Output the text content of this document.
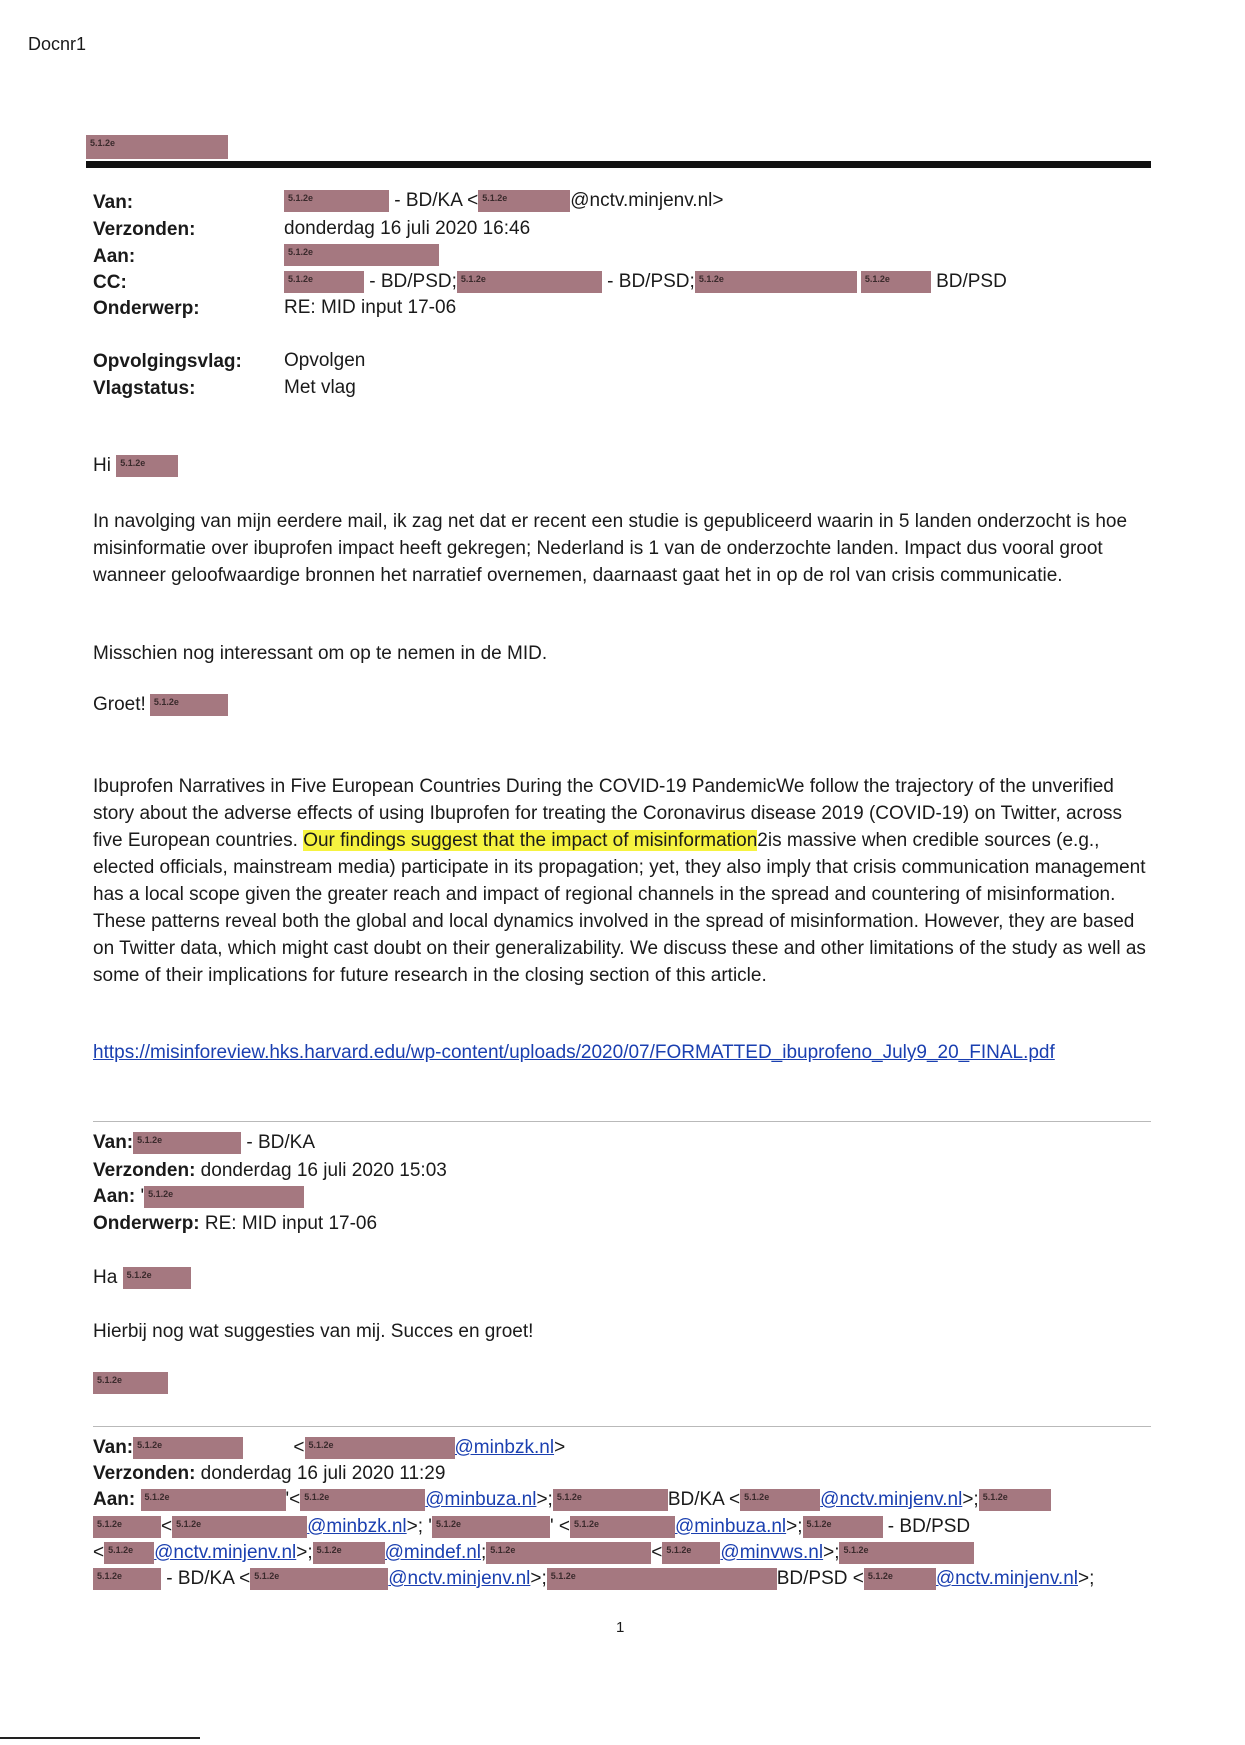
Docnr1
5.1.2e
Van:	5.1.2e	- BD/KA < 5.1.2e	@nctv.minjenv.nl>
Verzonden:	donderdag 16 juli 2020 16:46
Aan:	5.1.2e
CC:	5.1.2e	- BD/PSD; 5.1.2e	- BD/PSD; 5.1.2e	5.1.2e BD/PSD
Onderwerp:	RE: MID input 17-06
Opvolgingsvlag: Opvolgen
Vlagstatus:	Met vlag
Hi 5.1.2e
In navolging van mijn eerdere mail, ik zag net dat er recent een studie is gepubliceerd waarin in 5 landen onderzocht is hoe misinformatie over ibuprofen impact heeft gekregen; Nederland is 1 van de onderzochte landen. Impact dus vooral groot wanneer geloofwaardige bronnen het narratief overnemen, daarnaast gaat het in op de rol van crisis communicatie.
Misschien nog interessant om op te nemen in de MID.
Groet! 5.1.2e
Ibuprofen Narratives in Five European Countries During the COVID-19 PandemicWe follow the trajectory of the unverified story about the adverse effects of using Ibuprofen for treating the Coronavirus disease 2019 (COVID-19) on Twitter, across five European countries. Our findings suggest that the impact of misinformation2is massive when credible sources (e.g., elected officials, mainstream media) participate in its propagation; yet, they also imply that crisis communication management has a local scope given the greater reach and impact of regional channels in the spread and countering of misinformation. These patterns reveal both the global and local dynamics involved in the spread of misinformation. However, they are based on Twitter data, which might cast doubt on their generalizability. We discuss these and other limitations of the study as well as some of their implications for future research in the closing section of this article.
https://misinforeview.hks.harvard.edu/wp-content/uploads/2020/07/FORMATTED_ibuprofeno_July9_20_FINAL.pdf
Van: 5.1.2e	- BD/KA
Verzonden: donderdag 16 juli 2020 15:03
Aan: ' 5.1.2e
Onderwerp: RE: MID input 17-06
Ha 5.1.2e
Hierbij nog wat suggesties van mij. Succes en groet!
5.1.2e
Van: 5.1.2e	< 5.1.2e	@minbzk.nl>
Verzonden: donderdag 16 juli 2020 11:29
Aan: 5.1.2e	'< 5.1.2e	@minbuza.nl>; 5.1.2e	BD/KA < 5.1.2e	@nctv.minjenv.nl>; 5.1.2e
5.1.2e < 5.1.2e	@minbzk.nl>; ' 5.1.2e	' < 5.1.2e	@minbuza.nl>; 5.1.2e	- BD/PSD
< 5.1.2e @nctv.minjenv.nl>; 5.1.2e @mindef.nl; 5.1.2e	< 5.1.2e @minvws.nl>; 5.1.2e
5.1.2e - BD/KA < 5.1.2e	@nctv.minjenv.nl>; 5.1.2e	BD/PSD < 5.1.2e @nctv.minjenv.nl>;
1
